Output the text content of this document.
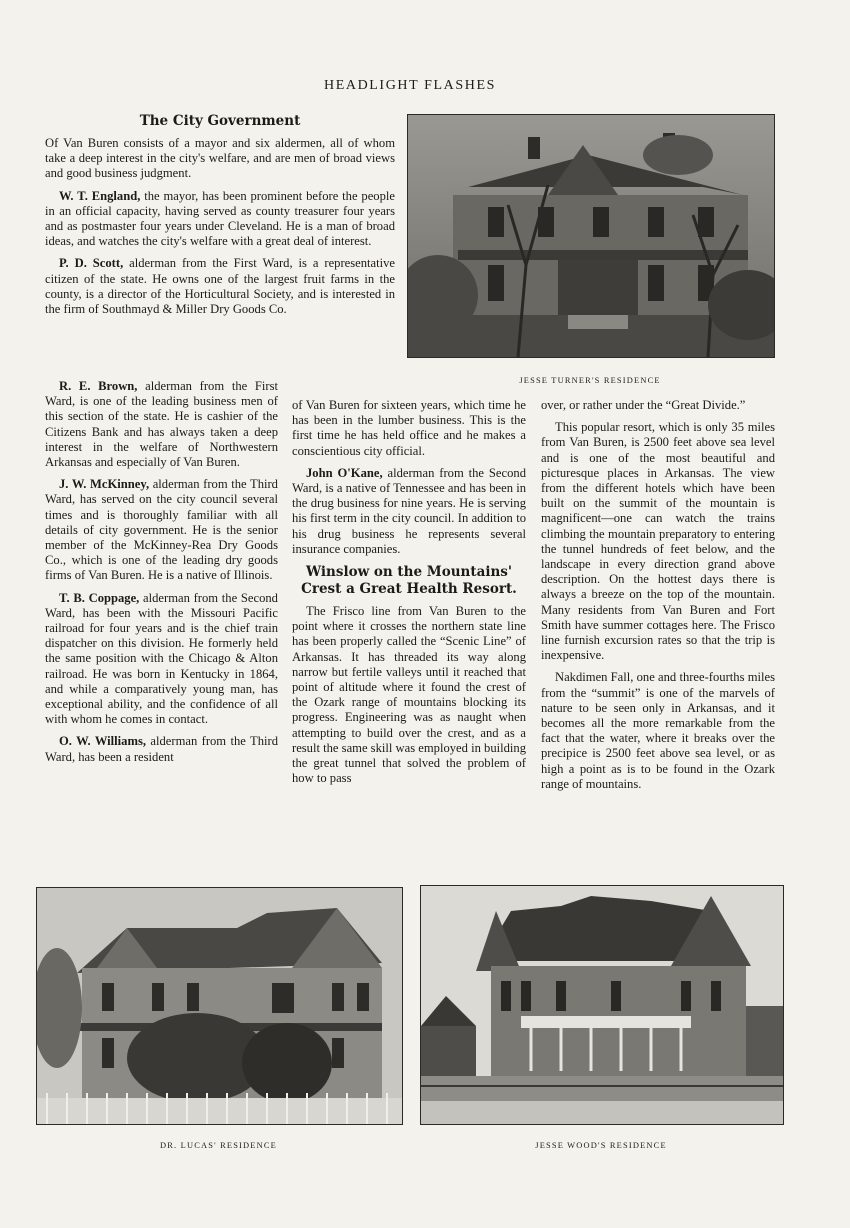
HEADLIGHT FLASHES
The City Government

Of Van Buren consists of a mayor and six aldermen, all of whom take a deep interest in the city's welfare, and are men of broad views and good business judgment.

W. T. England, the mayor, has been prominent before the people in an official capacity, having served as county treasurer four years and as postmaster four years under Cleveland. He is a man of broad ideas, and watches the city's welfare with a great deal of interest.

P. D. Scott, alderman from the First Ward, is a representative citizen of the state. He owns one of the largest fruit farms in the county, is a director of the Horticultural Society, and is interested in the firm of Southmayd & Miller Dry Goods Co.

JESSE TURNER'S RESIDENCE

R. E. Brown, alderman from the First Ward, is one of the leading business men of this section of the state. He is cashier of the Citizens Bank and has always taken a deep interest in the welfare of Northwestern Arkansas and especially of Van Buren.

J. W. McKinney, alderman from the Third Ward, has served on the city council several times and is thoroughly familiar with all details of city government. He is the senior member of the McKinney-Rea Dry Goods Co., which is one of the leading dry goods firms of Van Buren. He is a native of Illinois.

T. B. Coppage, alderman from the Second Ward, has been with the Missouri Pacific railroad for four years and is the chief train dispatcher on this division. He formerly held the same position with the Chicago & Alton railroad. He was born in Kentucky in 1864, and while a comparatively young man, has exceptional ability, and the confidence of all with whom he comes in contact.

O. W. Williams, alderman from the Third Ward, has been a resident

of Van Buren for sixteen years, which time he has been in the lumber business. This is the first time he has held office and he makes a conscientious city official.

John O'Kane, alderman from the Second Ward, is a native of Tennessee and has been in the drug business for nine years. He is serving his first term in the city council. In addition to his drug business he represents several insurance companies.

Winslow on the Mountains' Crest a Great Health Resort.

The Frisco line from Van Buren to the point where it crosses the northern state line has been properly called the “Scenic Line” of Arkansas. It has threaded its way along narrow but fertile valleys until it reached that point of altitude where it found the crest of the Ozark range of mountains blocking its progress. Engineering was as naught when attempting to build over the crest, and as a result the same skill was employed in building the great tunnel that solved the problem of how to pass

over, or rather under the “Great Divide.”

This popular resort, which is only 35 miles from Van Buren, is 2500 feet above sea level and is one of the most beautiful and picturesque places in Arkansas. The view from the different hotels which have been built on the summit of the mountain is magnificent—one can watch the trains climbing the mountain preparatory to entering the tunnel hundreds of feet below, and the landscape in every direction grand above description. On the hottest days there is always a breeze on the top of the mountain. Many residents from Van Buren and Fort Smith have summer cottages here. The Frisco line furnish excursion rates so that the trip is inexpensive.

Nakdimen Fall, one and three-fourths miles from the “summit” is one of the marvels of nature to be seen only in Arkansas, and it becomes all the more remarkable from the fact that the water, where it breaks over the precipice is 2500 feet above sea level, or as high a point as is to be found in the Ozark range of mountains.

DR. LUCAS' RESIDENCE	JESSE WOOD'S RESIDENCE
